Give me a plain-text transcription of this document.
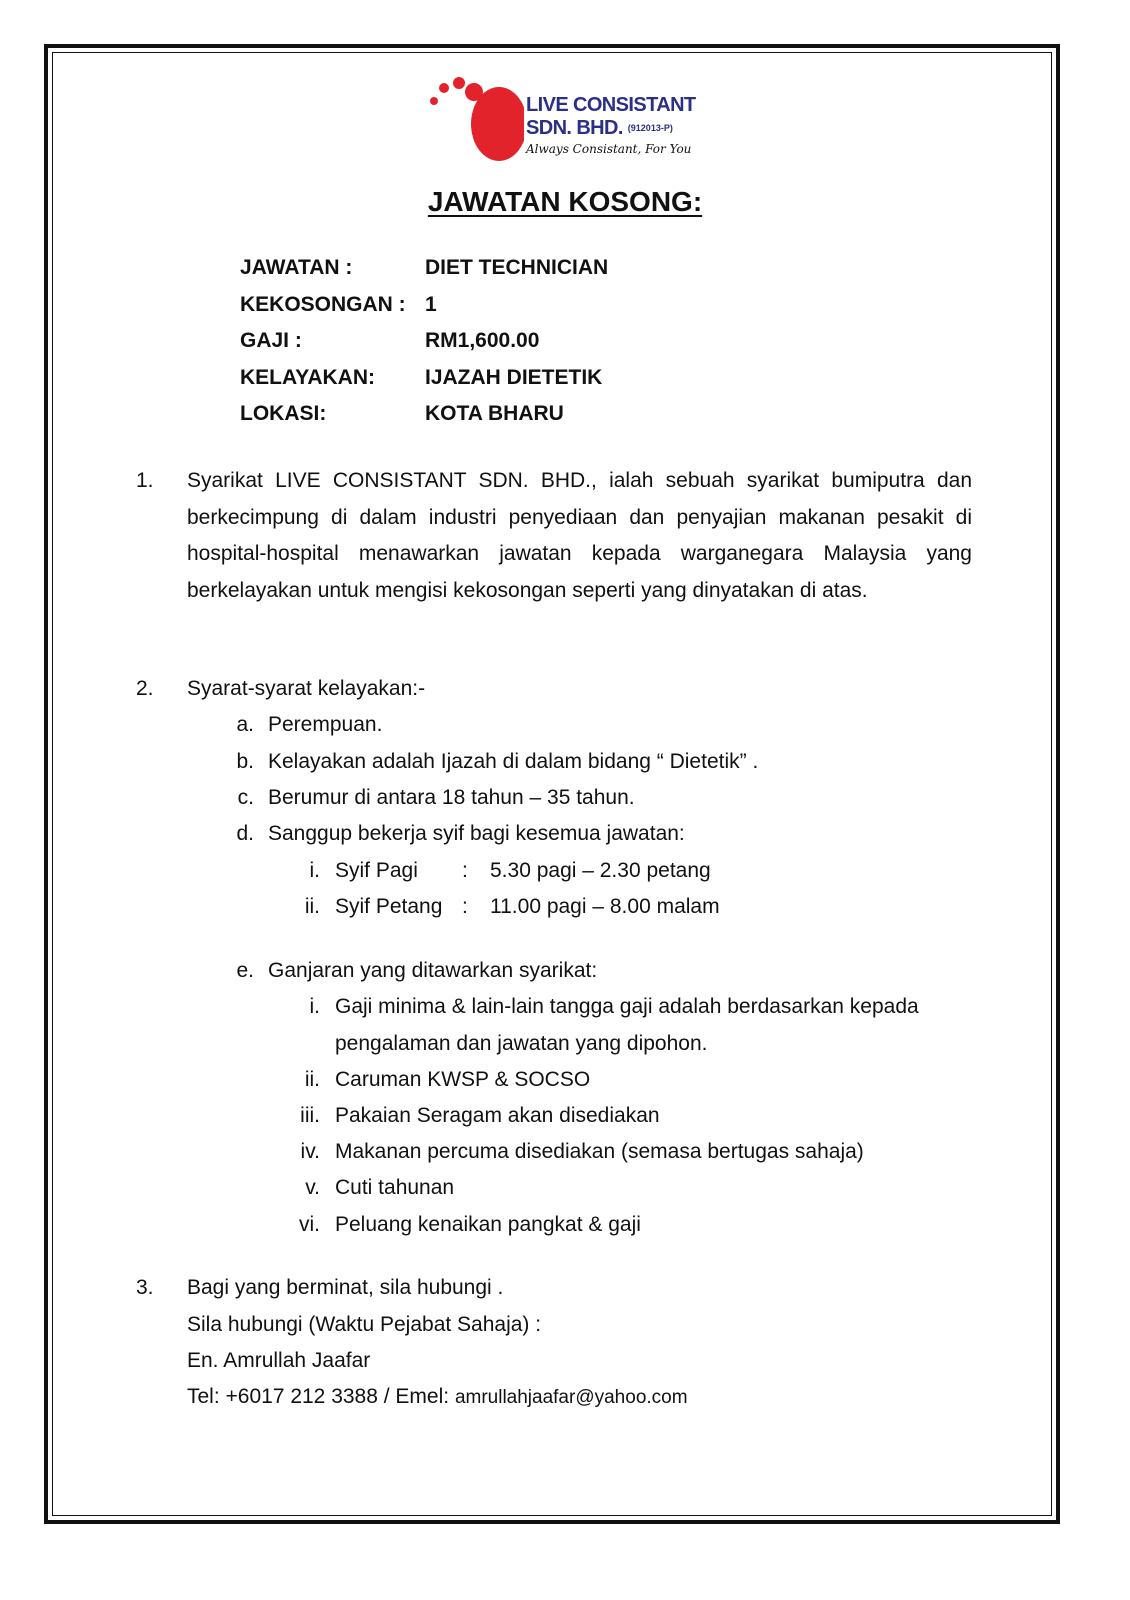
LIVE CONSISTANT
SDN. BHD. (912013-P)
Always Consistant, For You
JAWATAN KOSONG:
JAWATAN :	DIET TECHNICIAN
KEKOSONGAN : 1
GAJI :	RM1,600.00
KELAYAKAN: IJAZAH DIETETIK
LOKASI:	KOTA BHARU
1. Syarikat LIVE CONSISTANT SDN. BHD., ialah sebuah syarikat bumiputra dan berkecimpung di dalam industri penyediaan dan penyajian makanan pesakit di hospital-hospital menawarkan jawatan kepada warganegara Malaysia yang berkelayakan untuk mengisi kekosongan seperti yang dinyatakan di atas.

2. Syarat-syarat kelayakan:-
a. Perempuan.
b. Kelayakan adalah Ijazah di dalam bidang “ Dietetik” .
c. Berumur di antara 18 tahun – 35 tahun.
d. Sanggup bekerja syif bagi kesemua jawatan:
i. Syif Pagi : 5.30 pagi – 2.30 petang
ii. Syif Petang : 11.00 pagi – 8.00 malam
e. Ganjaran yang ditawarkan syarikat:
i. Gaji minima & lain-lain tangga gaji adalah berdasarkan kepada pengalaman dan jawatan yang dipohon.
ii. Caruman KWSP & SOCSO
iii. Pakaian Seragam akan disediakan
iv. Makanan percuma disediakan (semasa bertugas sahaja)
v. Cuti tahunan
vi. Peluang kenaikan pangkat & gaji
3. Bagi yang berminat, sila hubungi .
Sila hubungi (Waktu Pejabat Sahaja) :
En. Amrullah Jaafar
Tel: +6017 212 3388 / Emel: amrullahjaafar@yahoo.com
